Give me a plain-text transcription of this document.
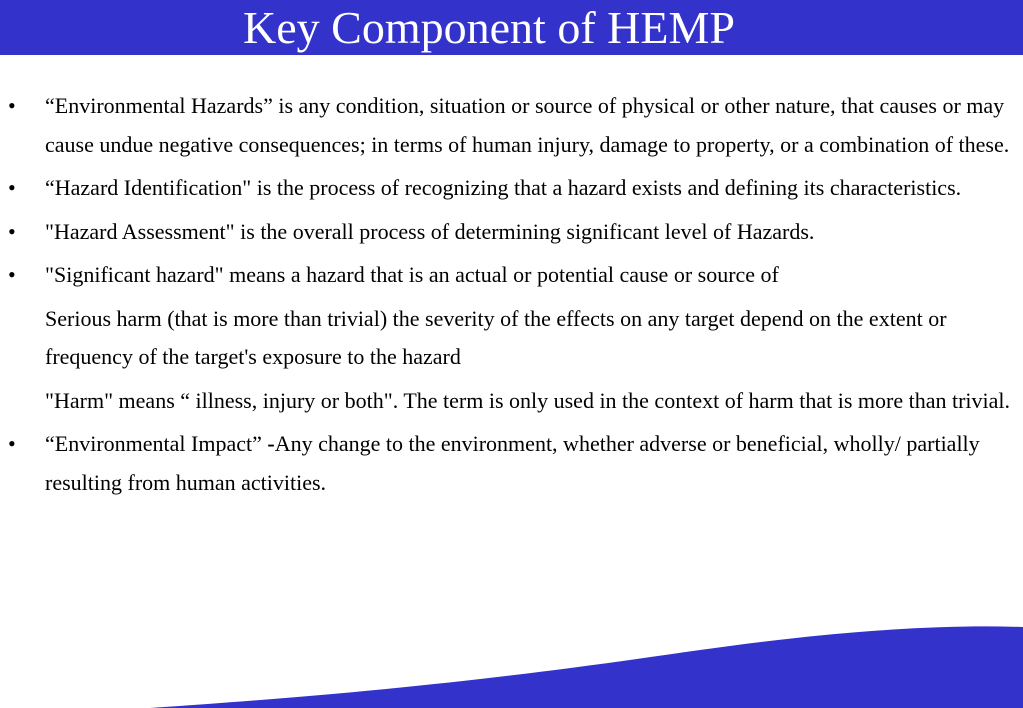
Key Component of HEMP
• “Environmental Hazards” is any condition, situation or source of physical or other nature, that causes or may cause undue negative consequences; in terms of human injury, damage to property, or a combination of these.

• “Hazard Identification" is the process of recognizing that a hazard exists and defining its characteristics.

• "Hazard Assessment" is the overall process of determining significant level of Hazards.

• "Significant hazard" means a hazard that is an actual or potential cause or source of

Serious harm (that is more than trivial) the severity of the effects on any target depend on the extent or frequency of the target's exposure to the hazard

"Harm" means “ illness, injury or both". The term is only used in the context of harm that is more than trivial.

• “Environmental Impact” -Any change to the environment, whether adverse or beneficial, wholly/ partially resulting from human activities.
